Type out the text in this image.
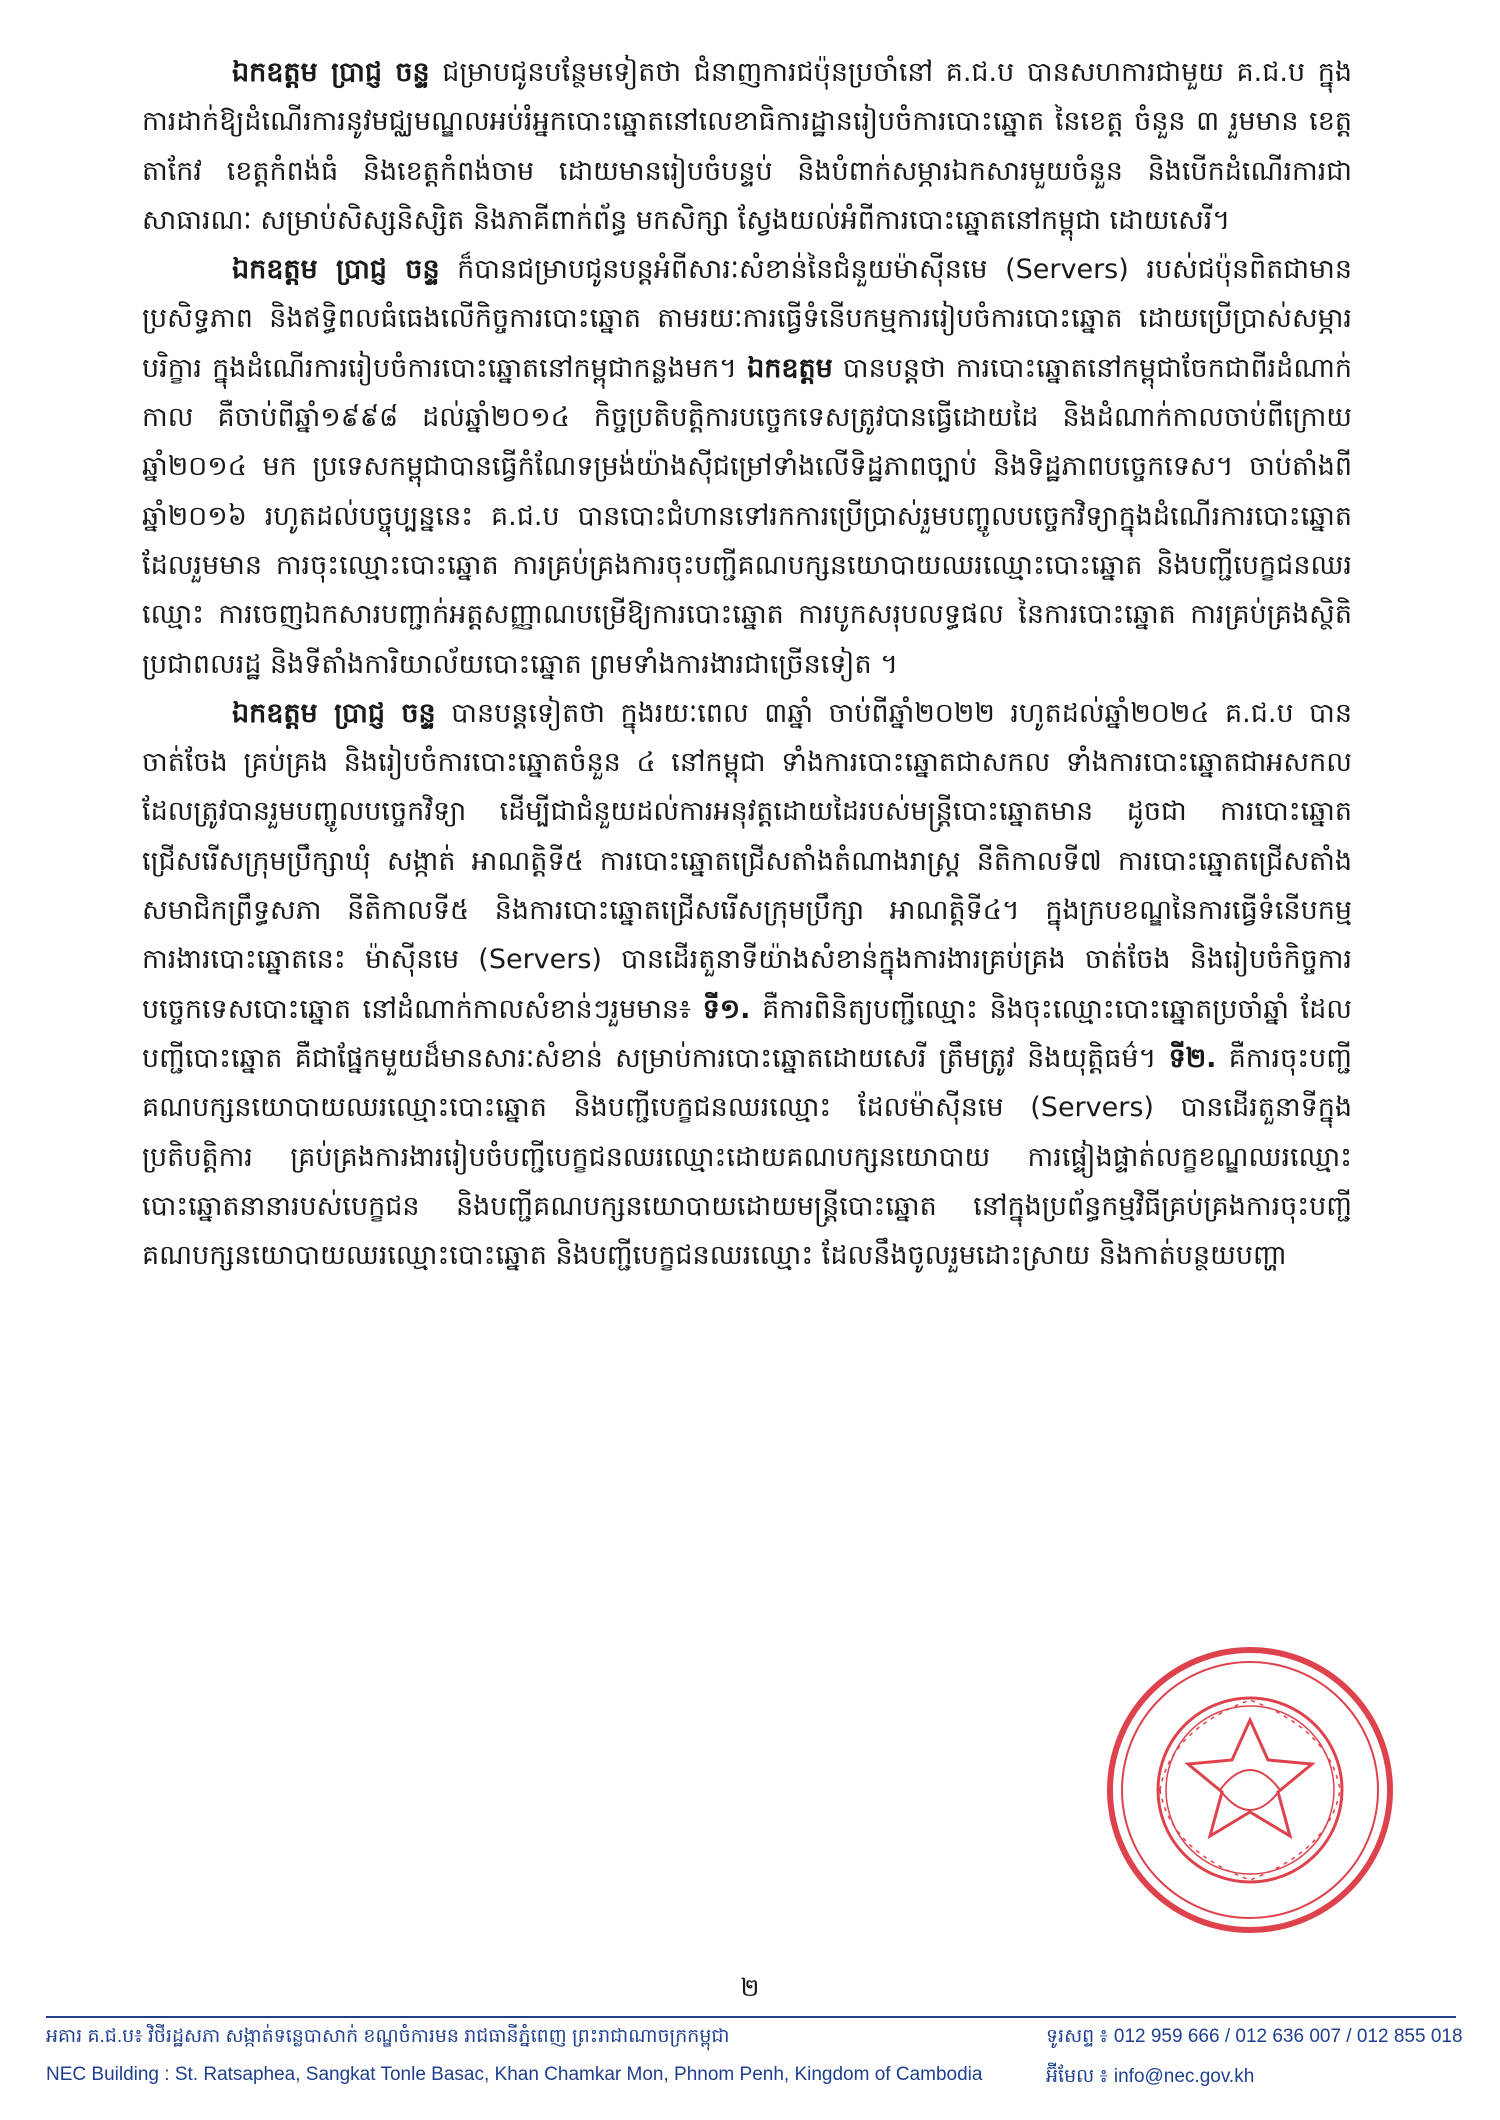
ឯកឧត្តម ប្រាជ្ញ ចន្ទ ជម្រាបជូនបន្ថែមទៀតថា ជំនាញការជប៉ុនប្រចាំនៅ គ.ជ.ប បានសហការជាមួយ គ.ជ.ប ក្នុងការដាក់ឱ្យដំណើរការនូវមជ្ឈមណ្ឌលអប់រំអ្នកបោះឆ្នោតនៅលេខាធិការដ្ឋានរៀបចំការបោះឆ្នោត នៃខេត្ត ចំនួន ៣ រួមមាន ខេត្តតាកែវ ខេត្តកំពង់ធំ និងខេត្តកំពង់ចាម ដោយមានរៀបចំបន្ទប់ និងបំពាក់សម្ភារឯកសារមួយចំនួន និងបើកដំណើរការជាសាធារណៈ សម្រាប់សិស្សនិស្សិត និងភាគីពាក់ព័ន្ធ មកសិក្សា ស្វែងយល់អំពីការបោះឆ្នោតនៅកម្ពុជា ដោយសេរី។

ឯកឧត្តម ប្រាជ្ញ ចន្ទ ក៏បានជម្រាបជូនបន្តអំពីសារៈសំខាន់នៃជំនួយម៉ាស៊ីនមេ (Servers) របស់ជប៉ុនពិតជាមានប្រសិទ្ធភាព និងឥទ្ធិពលធំធេងលើកិច្ចការបោះឆ្នោត តាមរយៈការធ្វើទំនើបកម្មការរៀបចំការបោះឆ្នោត ដោយប្រើប្រាស់សម្ភារ បរិក្ខារ ក្នុងដំណើរការរៀបចំការបោះឆ្នោតនៅកម្ពុជាកន្លងមក។ ឯកឧត្តម បានបន្តថា ការបោះឆ្នោតនៅកម្ពុជាចែកជាពីរដំណាក់កាល គឺចាប់ពីឆ្នាំ១៩៩៨ ដល់ឆ្នាំ២០១៤ កិច្ចប្រតិបត្តិការបច្ចេកទេសត្រូវបានធ្វើដោយដៃ និងដំណាក់កាលចាប់ពីក្រោយឆ្នាំ២០១៤ មក ប្រទេសកម្ពុជាបានធ្វើកំណែទម្រង់យ៉ាងស៊ីជម្រៅទាំងលើទិដ្ឋភាពច្បាប់ និងទិដ្ឋភាពបច្ចេកទេស។ ចាប់តាំងពីឆ្នាំ២០១៦ រហូតដល់បច្ចុប្បន្ននេះ គ.ជ.ប បានបោះជំហានទៅរកការប្រើប្រាស់រួមបញ្ចូលបច្ចេកវិទ្យាក្នុងដំណើរការបោះឆ្នោតដែលរួមមាន ការចុះឈ្មោះបោះឆ្នោត ការគ្រប់គ្រងការចុះបញ្ជីគណបក្សនយោបាយឈរឈ្មោះបោះឆ្នោត និងបញ្ជីបេក្ខជនឈរឈ្មោះ ការចេញឯកសារបញ្ជាក់អត្តសញ្ញាណបម្រើឱ្យការបោះឆ្នោត ការបូកសរុបលទ្ធផល នៃការបោះឆ្នោត ការគ្រប់គ្រងស្ថិតិប្រជាពលរដ្ឋ និងទីតាំងការិយាល័យបោះឆ្នោត ព្រមទាំងការងារជាច្រើនទៀត ។

ឯកឧត្តម ប្រាជ្ញ ចន្ទ បានបន្តទៀតថា ក្នុងរយៈពេល ៣ឆ្នាំ ចាប់ពីឆ្នាំ២០២២ រហូតដល់ឆ្នាំ២០២៤ គ.ជ.ប បានចាត់ចែង គ្រប់គ្រង និងរៀបចំការបោះឆ្នោតចំនួន ៤ នៅកម្ពុជា ទាំងការបោះឆ្នោតជាសកល ទាំងការបោះឆ្នោតជាអសកល ដែលត្រូវបានរួមបញ្ចូលបច្ចេកវិទ្យា ដើម្បីជាជំនួយដល់ការអនុវត្តដោយដៃរបស់មន្ត្រីបោះឆ្នោតមាន ដូចជា ការបោះឆ្នោតជ្រើសរើសក្រុមប្រឹក្សាឃុំ សង្កាត់ អាណត្តិទី៥ ការបោះឆ្នោតជ្រើសតាំងតំណាងរាស្ត្រ នីតិកាលទី៧ ការបោះឆ្នោតជ្រើសតាំងសមាជិកព្រឹទ្ធសភា នីតិកាលទី៥ និងការបោះឆ្នោតជ្រើសរើសក្រុមប្រឹក្សា អាណត្តិទី៤។ ក្នុងក្របខណ្ឌនៃការធ្វើទំនើបកម្មការងារបោះឆ្នោតនេះ ម៉ាស៊ីនមេ (Servers) បានដើរតួនាទីយ៉ាងសំខាន់ក្នុងការងារគ្រប់គ្រង ចាត់ចែង និងរៀបចំកិច្ចការបច្ចេកទេសបោះឆ្នោត នៅដំណាក់កាលសំខាន់ៗរួមមាន៖ ទី១. គឺការពិនិត្យបញ្ជីឈ្មោះ និងចុះឈ្មោះបោះឆ្នោតប្រចាំឆ្នាំ ដែលបញ្ជីបោះឆ្នោត គឺជាផ្នែកមួយដ៏មានសារៈសំខាន់ សម្រាប់ការបោះឆ្នោតដោយសេរី ត្រឹមត្រូវ និងយុត្តិធម៌។ ទី២. គឺការចុះបញ្ជីគណបក្សនយោបាយឈរឈ្មោះបោះឆ្នោត និងបញ្ជីបេក្ខជនឈរឈ្មោះ ដែលម៉ាស៊ីនមេ (Servers) បានដើរតួនាទីក្នុងប្រតិបត្តិការ គ្រប់គ្រងការងាររៀបចំបញ្ជីបេក្ខជនឈរឈ្មោះដោយគណបក្សនយោបាយ ការផ្ទៀងផ្ទាត់លក្ខខណ្ឌឈរឈ្មោះបោះឆ្នោតនានារបស់បេក្ខជន និងបញ្ជីគណបក្សនយោបាយដោយមន្ត្រីបោះឆ្នោត នៅក្នុងប្រព័ន្ធកម្មវិធីគ្រប់គ្រងការចុះបញ្ជីគណបក្សនយោបាយឈរឈ្មោះបោះឆ្នោត និងបញ្ជីបេក្ខជនឈរឈ្មោះ ដែលនឹងចូលរួមដោះស្រាយ និងកាត់បន្ថយបញ្ហា

២
អគារ គ.ជ.ប៖ វិថីរដ្ឋសភា សង្កាត់ទន្លេបាសាក់ ខណ្ឌចំការមន រាជធានីភ្នំពេញ ព្រះរាជាណាចក្រកម្ពុជា	ទូរសព្ទ ៖ 012 959 666 / 012 636 007 / 012 855 018
NEC Building : St. Ratsaphea, Sangkat Tonle Basac, Khan Chamkar Mon, Phnom Penh, Kingdom of Cambodia	អ៊ីមែល ៖ info@nec.gov.kh
